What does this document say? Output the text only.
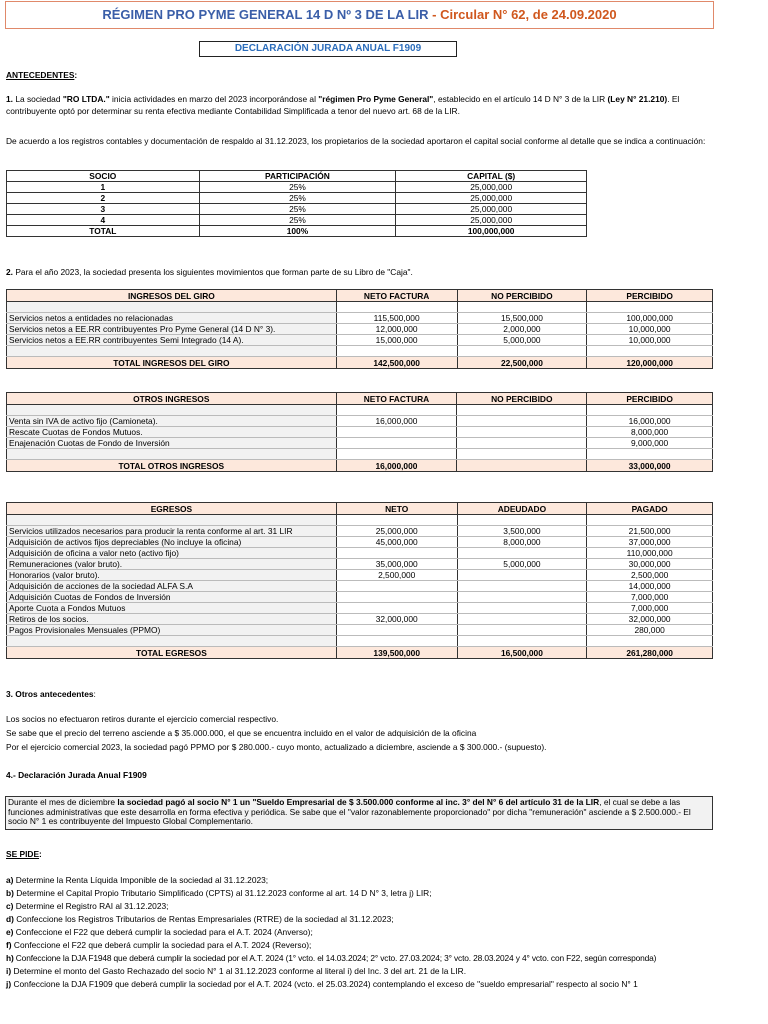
RÉGIMEN PRO PYME GENERAL 14 D Nº 3 DE LA LIR - Circular N° 62, de 24.09.2020
DECLARACIÓN JURADA ANUAL F1909
ANTECEDENTES:
1. La sociedad "RO LTDA." inicia actividades en marzo del 2023 incorporándose al "régimen Pro Pyme General", establecido en el artículo 14 D N° 3 de la LIR (Ley N° 21.210). El contribuyente optó por determinar su renta efectiva mediante Contabilidad Simplificada a tenor del nuevo art. 68 de la LIR.
De acuerdo a los registros contables y documentación de respaldo al 31.12.2023, los propietarios de la sociedad aportaron el capital social conforme al detalle que se indica a continuación:
SOCIO	PARTICIPACIÓN	CAPITAL ($)
1	25%	25,000,000
2	25%	25,000,000
3	25%	25,000,000
4	25%	25,000,000
TOTAL	100%	100,000,000
2. Para el año 2023, la sociedad presenta los siguientes movimientos que forman parte de su Libro de "Caja".
INGRESOS DEL GIRO	NETO FACTURA	NO PERCIBIDO	PERCIBIDO

Servicios netos a entidades no relacionadas	115,500,000	15,500,000	100,000,000
Servicios netos a EE.RR contribuyentes Pro Pyme General (14 D N° 3).	12,000,000	2,000,000	10,000,000
Servicios netos a EE.RR contribuyentes Semi Integrado (14 A).	15,000,000	5,000,000	10,000,000

TOTAL INGRESOS DEL GIRO	142,500,000	22,500,000	120,000,000
OTROS INGRESOS	NETO FACTURA	NO PERCIBIDO	PERCIBIDO

Venta sin IVA de activo fijo (Camioneta).	16,000,000		16,000,000
Rescate Cuotas de Fondos Mutuos.			8,000,000
Enajenación Cuotas de Fondo de Inversión			9,000,000

TOTAL OTROS INGRESOS	16,000,000		33,000,000
EGRESOS	NETO	ADEUDADO	PAGADO

Servicios utilizados necesarios para producir la renta conforme al art. 31 LIR	25,000,000	3,500,000	21,500,000
Adquisición de activos fijos depreciables (No incluye la oficina)	45,000,000	8,000,000	37,000,000
Adquisición de oficina a valor neto (activo fijo)			110,000,000
Remuneraciones (valor bruto).	35,000,000	5,000,000	30,000,000
Honorarios (valor bruto).	2,500,000		2,500,000
Adquisición de acciones de la sociedad ALFA S.A			14,000,000
Adquisición Cuotas de Fondos de Inversión			7,000,000
Aporte Cuota a Fondos Mutuos			7,000,000
Retiros de los socios.	32,000,000		32,000,000
Pagos Provisionales Mensuales (PPMO)			280,000

TOTAL EGRESOS	139,500,000	16,500,000	261,280,000
3. Otros antecedentes:
Los socios no efectuaron retiros durante el ejercicio comercial respectivo.
Se sabe que el precio del terreno asciende a $ 35.000.000, el que se encuentra incluido en el valor de adquisición de la oficina
Por el ejercicio comercial 2023, la sociedad pagó PPMO por $ 280.000.- cuyo monto, actualizado a diciembre, asciende a $ 300.000.- (supuesto).
4.- Declaración Jurada Anual F1909
Durante el mes de diciembre la sociedad pagó al socio N° 1 un "Sueldo Empresarial de $ 3.500.000 conforme al inc. 3° del N° 6 del artículo 31 de la LIR, el cual se debe a las funciones administrativas que este desarrolla en forma efectiva y periódica. Se sabe que el "valor razonablemente proporcionado" por dicha "remuneración" asciende a $ 2.500.000.- El socio N° 1 es contribuyente del Impuesto Global Complementario.
SE PIDE:
a) Determine la Renta Líquida Imponible de la sociedad al 31.12.2023;
b) Determine el Capital Propio Tributario Simplificado (CPTS) al 31.12.2023 conforme al art. 14 D N° 3, letra j) LIR;
c) Determine el Registro RAI al 31.12.2023;
d) Confeccione los Registros Tributarios de Rentas Empresariales (RTRE) de la sociedad al 31.12.2023;
e) Confeccione el F22 que deberá cumplir la sociedad para el A.T. 2024 (Anverso);
f) Confeccione el F22 que deberá cumplir la sociedad para el A.T. 2024 (Reverso);
h) Confeccione la DJA F1948 que deberá cumplir la sociedad por el A.T. 2024 (1° vcto. el 14.03.2024; 2° vcto. 27.03.2024; 3° vcto. 28.03.2024 y 4° vcto. con F22, según corresponda)
i) Determine el monto del Gasto Rechazado del socio N° 1 al 31.12.2023 conforme al literal i) del Inc. 3 del art. 21 de la LIR.
j) Confeccione la DJA F1909 que deberá cumplir la sociedad por el A.T. 2024 (vcto. el 25.03.2024) contemplando el exceso de "sueldo empresarial" respecto al socio N° 1
